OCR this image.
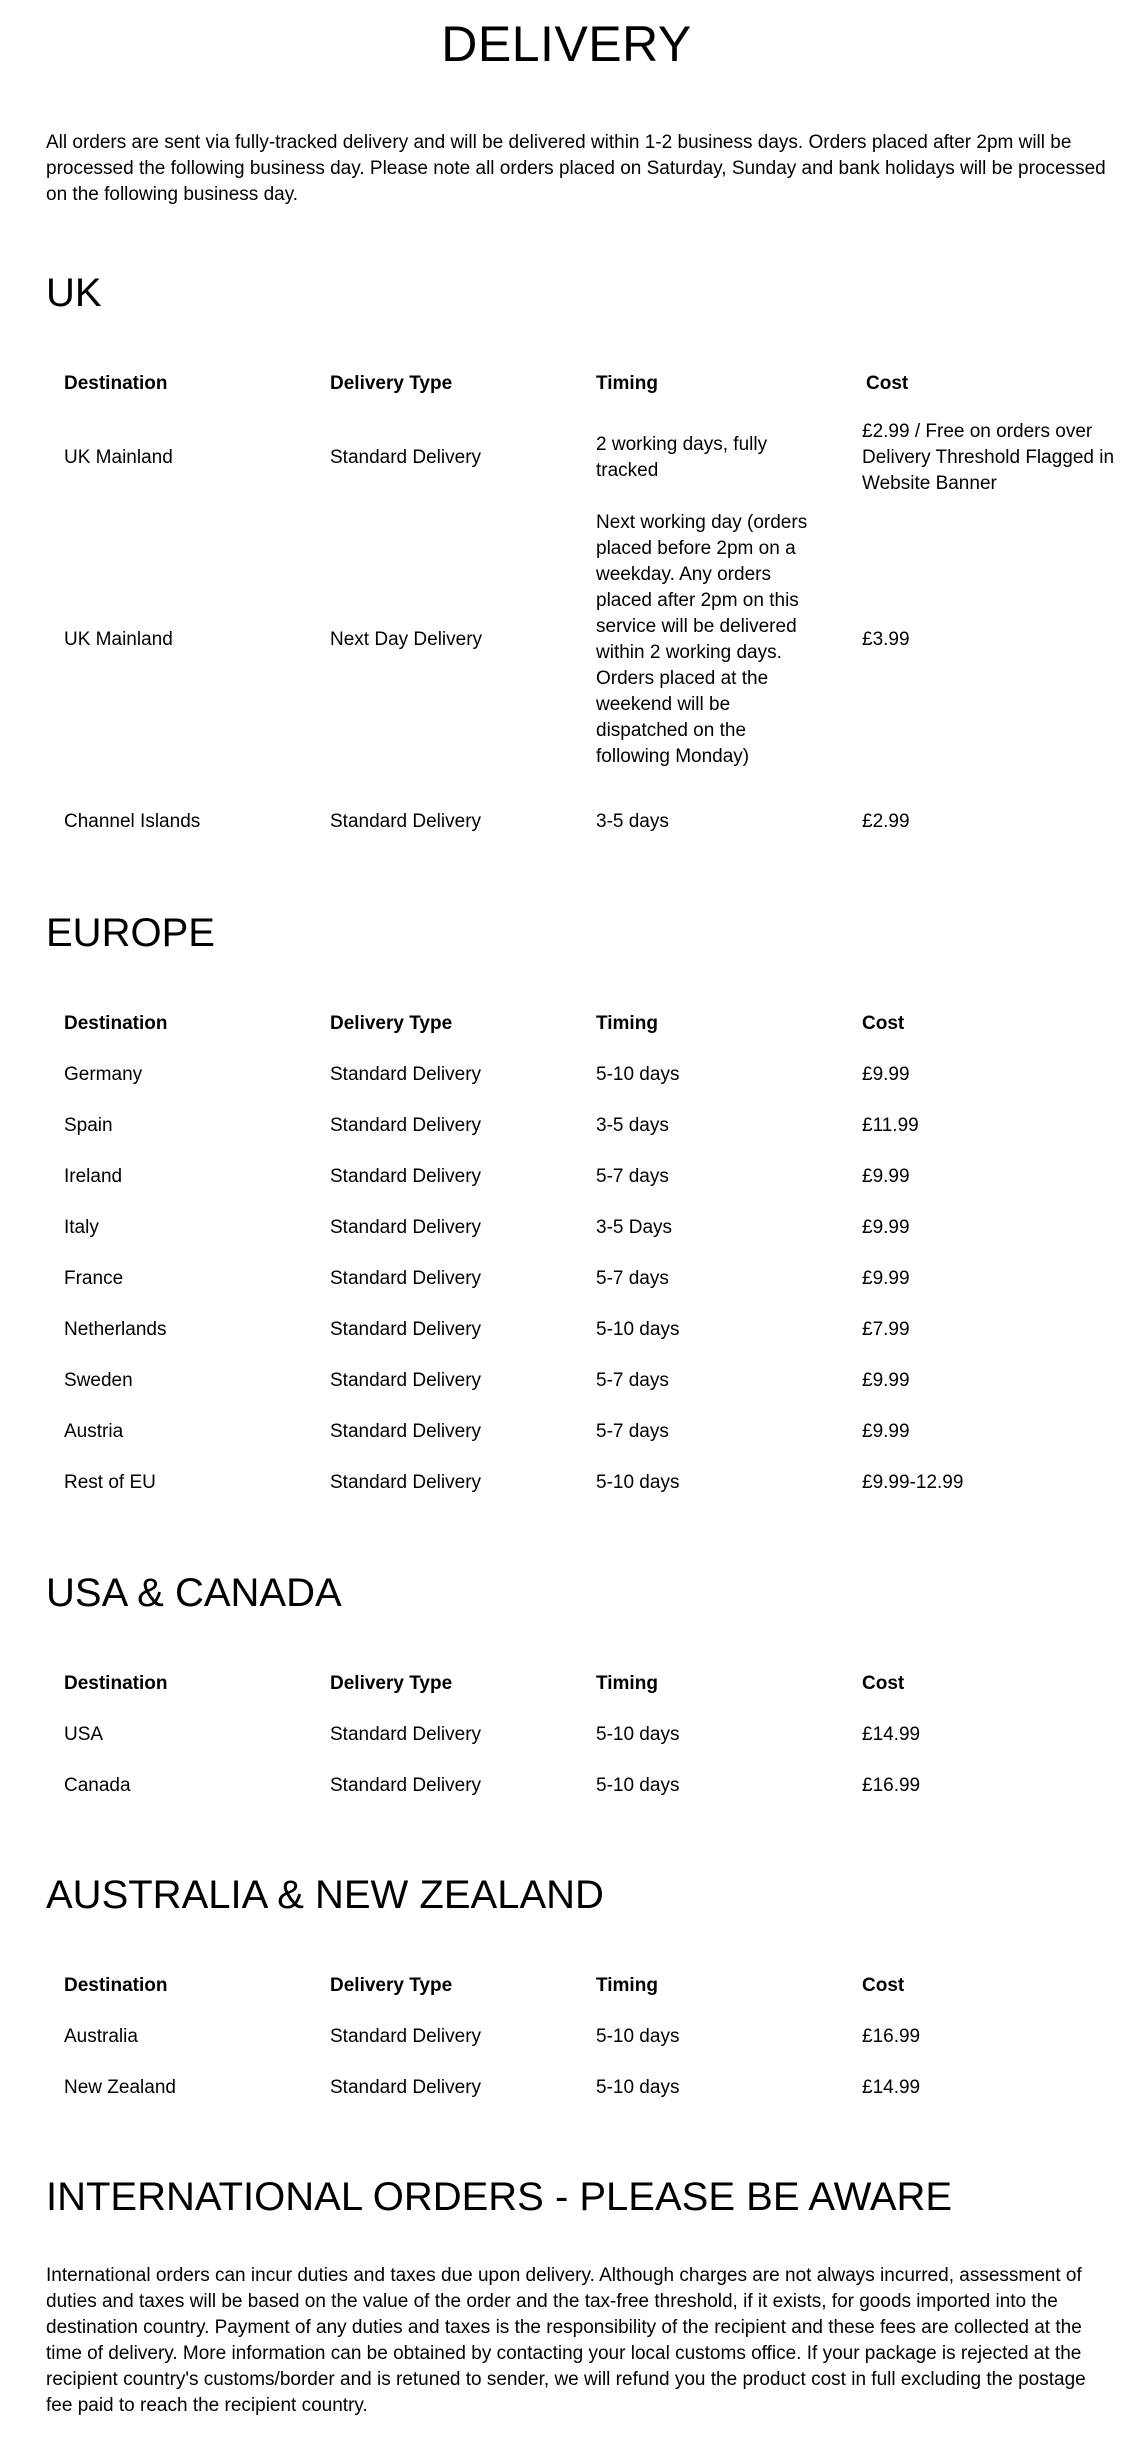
DELIVERY

All orders are sent via fully-tracked delivery and will be delivered within 1-2 business days. Orders placed after 2pm will be processed the following business day. Please note all orders placed on Saturday, Sunday and bank holidays will be processed on the following business day.

UK
Destination	Delivery Type	Timing	Cost
UK Mainland	Standard Delivery	2 working days, fully tracked	£2.99 / Free on orders over Delivery Threshold Flagged in Website Banner
UK Mainland	Next Day Delivery	Next working day (orders placed before 2pm on a weekday. Any orders placed after 2pm on this service will be delivered within 2 working days. Orders placed at the weekend will be dispatched on the following Monday)	£3.99
Channel Islands	Standard Delivery	3-5 days	£2.99
EUROPE
Destination	Delivery Type	Timing	Cost
Germany	Standard Delivery	5-10 days	£9.99
Spain	Standard Delivery	3-5 days	£11.99
Ireland	Standard Delivery	5-7 days	£9.99
Italy	Standard Delivery	3-5 Days	£9.99
France	Standard Delivery	5-7 days	£9.99
Netherlands	Standard Delivery	5-10 days	£7.99
Sweden	Standard Delivery	5-7 days	£9.99
Austria	Standard Delivery	5-7 days	£9.99
Rest of EU	Standard Delivery	5-10 days	£9.99-12.99
USA & CANADA
Destination	Delivery Type	Timing	Cost
USA	Standard Delivery	5-10 days	£14.99
Canada	Standard Delivery	5-10 days	£16.99
AUSTRALIA & NEW ZEALAND
Destination	Delivery Type	Timing	Cost
Australia	Standard Delivery	5-10 days	£16.99
New Zealand	Standard Delivery	5-10 days	£14.99
INTERNATIONAL ORDERS - PLEASE BE AWARE

International orders can incur duties and taxes due upon delivery. Although charges are not always incurred, assessment of duties and taxes will be based on the value of the order and the tax-free threshold, if it exists, for goods imported into the destination country. Payment of any duties and taxes is the responsibility of the recipient and these fees are collected at the time of delivery. More information can be obtained by contacting your local customs office. If your package is rejected at the recipient country's customs/border and is retuned to sender, we will refund you the product cost in full excluding the postage fee paid to reach the recipient country.
